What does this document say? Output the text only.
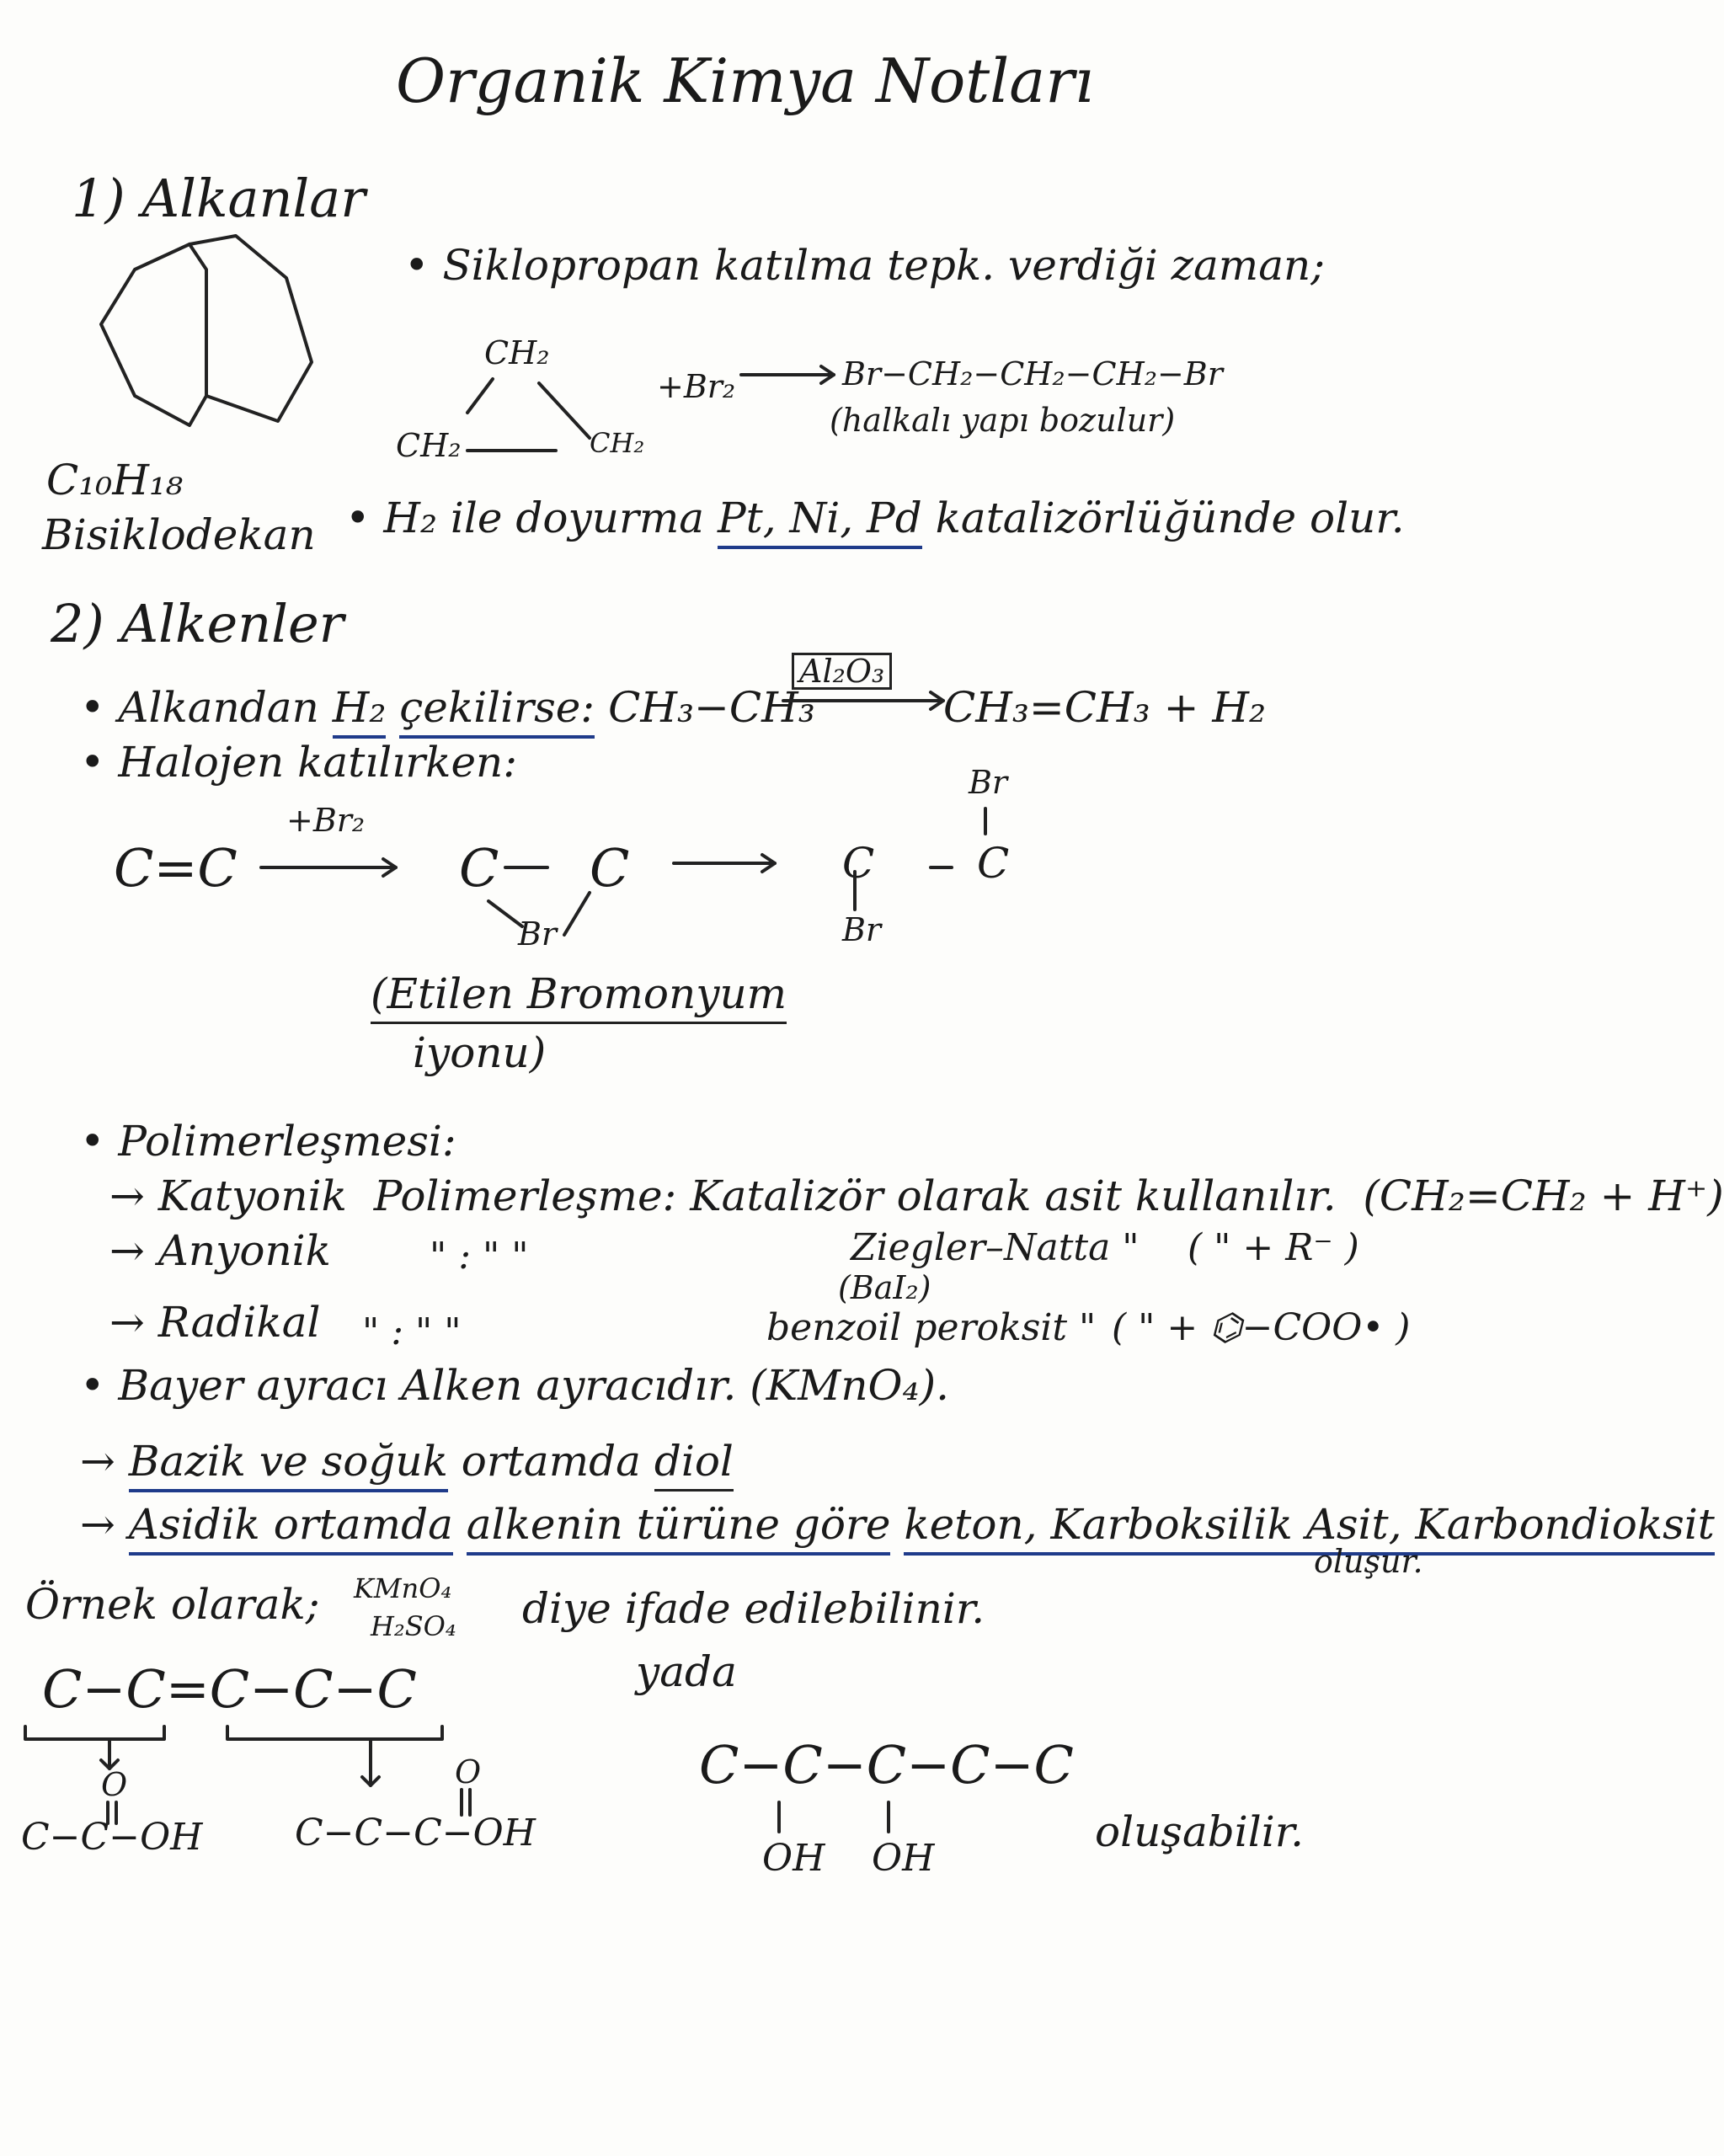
Organik Kimya Notları
1) Alkanlar
C₁₀H₁₈
Bisiklodekan
• Siklopropan katılma tepk. verdiği zaman;
CH₂
CH₂	CH₂
+Br₂	Br−CH₂−CH₂−CH₂−Br
(halkalı yapı bozulur)
• H₂ ile doyurma Pt, Ni, Pd katalizörlüğünde olur.
2) Alkenler
• Alkandan H₂ çekilirse: CH₃−CH₃
Al₂O₃
CH₃=CH₃ + H₂
• Halojen katılırken:
C=C
+Br₂
C C
Br
C C
Br
Br
(Etilen Bromonyum
iyonu)
• Polimerleşmesi:
→ Katyonik Polimerleşme: Katalizör olarak asit kullanılır. (CH₂=CH₂ + H⁺)
→ Anyonik	" : " "	Ziegler–Natta " ( " + R⁻ )
(BaI₂)
→ Radikal " : " "	benzoil peroksit " ( " + ⌬−COO• )
• Bayer ayracı Alken ayracıdır. (KMnO₄).
→ Bazik ve soğuk ortamda diol
→ Asidik ortamda alkenin türüne göre keton, Karboksilik Asit, Karbondioksit
oluşur.
Örnek olarak; KMnO₄
H₂SO₄ diye ifade edilebilinir.
C−C=C−C−C	yada
O
C−C−OH
O
C−C−C−OH
C−C−C−C−C
OH OH
oluşabilir.
